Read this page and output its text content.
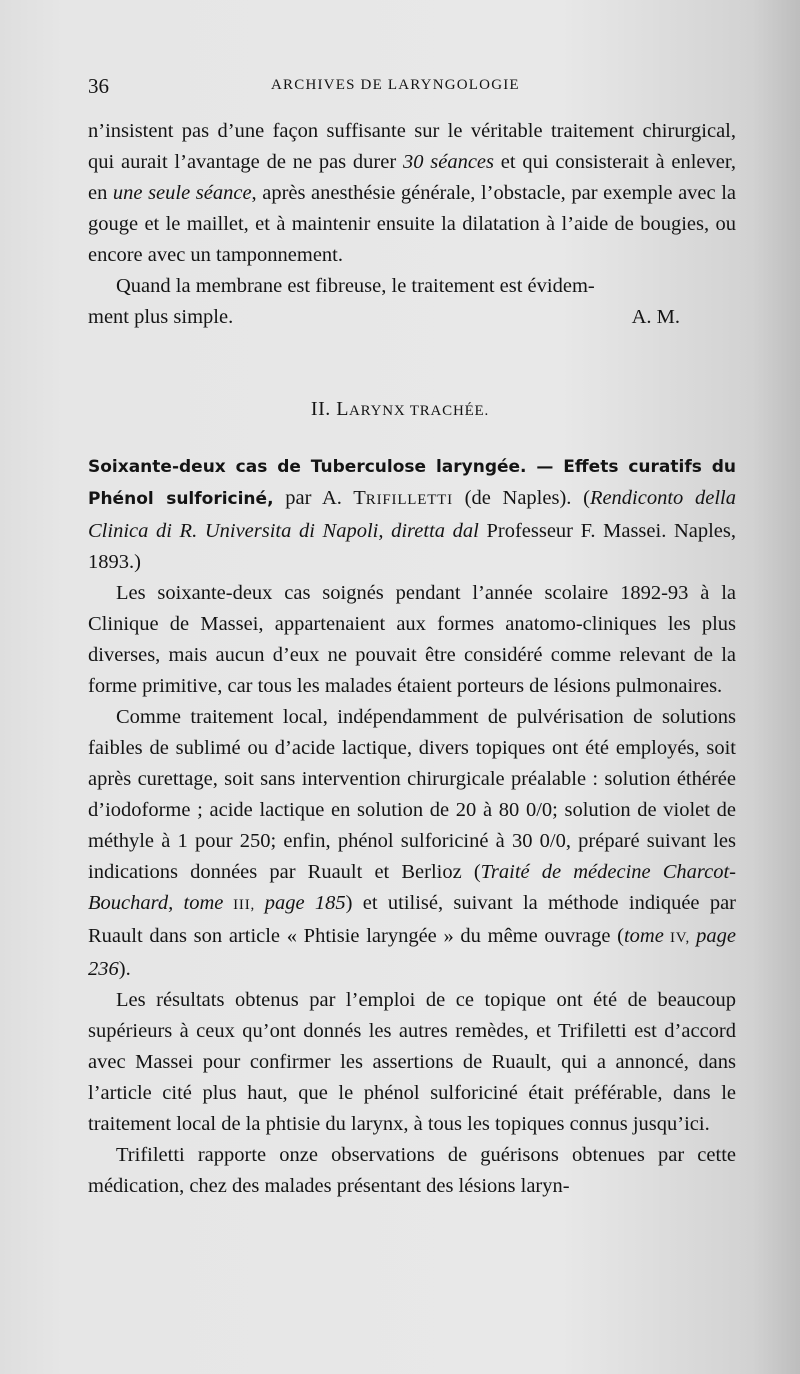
36	ARCHIVES DE LARYNGOLOGIE

n’insistent pas d’une façon suffisante sur le véritable traitement chirurgical, qui aurait l’avantage de ne pas durer 30 séances et qui consisterait à enlever, en une seule séance, après anesthésie générale, l’obstacle, par exemple avec la gouge et le maillet, et à maintenir ensuite la dilatation à l’aide de bougies, ou encore avec un tamponnement.

Quand la membrane est fibreuse, le traitement est évidem-

ment plus simple.	A. M.
II. LARYNX TRACHÉE.
Soixante-deux cas de Tuberculose laryngée. — Effets curatifs du Phénol sulforiciné, par A. TRIFILLETTI (de Naples). (Rendiconto della Clinica di R. Universita di Napoli, diretta dal Professeur F. Massei. Naples, 1893.)

Les soixante-deux cas soignés pendant l’année scolaire 1892-93 à la Clinique de Massei, appartenaient aux formes anatomo-cliniques les plus diverses, mais aucun d’eux ne pouvait être considéré comme relevant de la forme primitive, car tous les malades étaient porteurs de lésions pulmonaires.

Comme traitement local, indépendamment de pulvérisation de solutions faibles de sublimé ou d’acide lactique, divers topiques ont été employés, soit après curettage, soit sans intervention chirurgicale préalable : solution éthérée d’iodoforme ; acide lactique en solution de 20 à 80 0/0; solution de violet de méthyle à 1 pour 250; enfin, phénol sulforiciné à 30 0/0, préparé suivant les indications données par Ruault et Berlioz (Traité de médecine Charcot-Bouchard, tome III, page 185) et utilisé, suivant la méthode indiquée par Ruault dans son article « Phtisie laryngée » du même ouvrage (tome IV, page 236).

Les résultats obtenus par l’emploi de ce topique ont été de beaucoup supérieurs à ceux qu’ont donnés les autres remèdes, et Trifiletti est d’accord avec Massei pour confirmer les assertions de Ruault, qui a annoncé, dans l’article cité plus haut, que le phénol sulforiciné était préférable, dans le traitement local de la phtisie du larynx, à tous les topiques connus jusqu’ici.

Trifiletti rapporte onze observations de guérisons obtenues par cette médication, chez des malades présentant des lésions laryn-
